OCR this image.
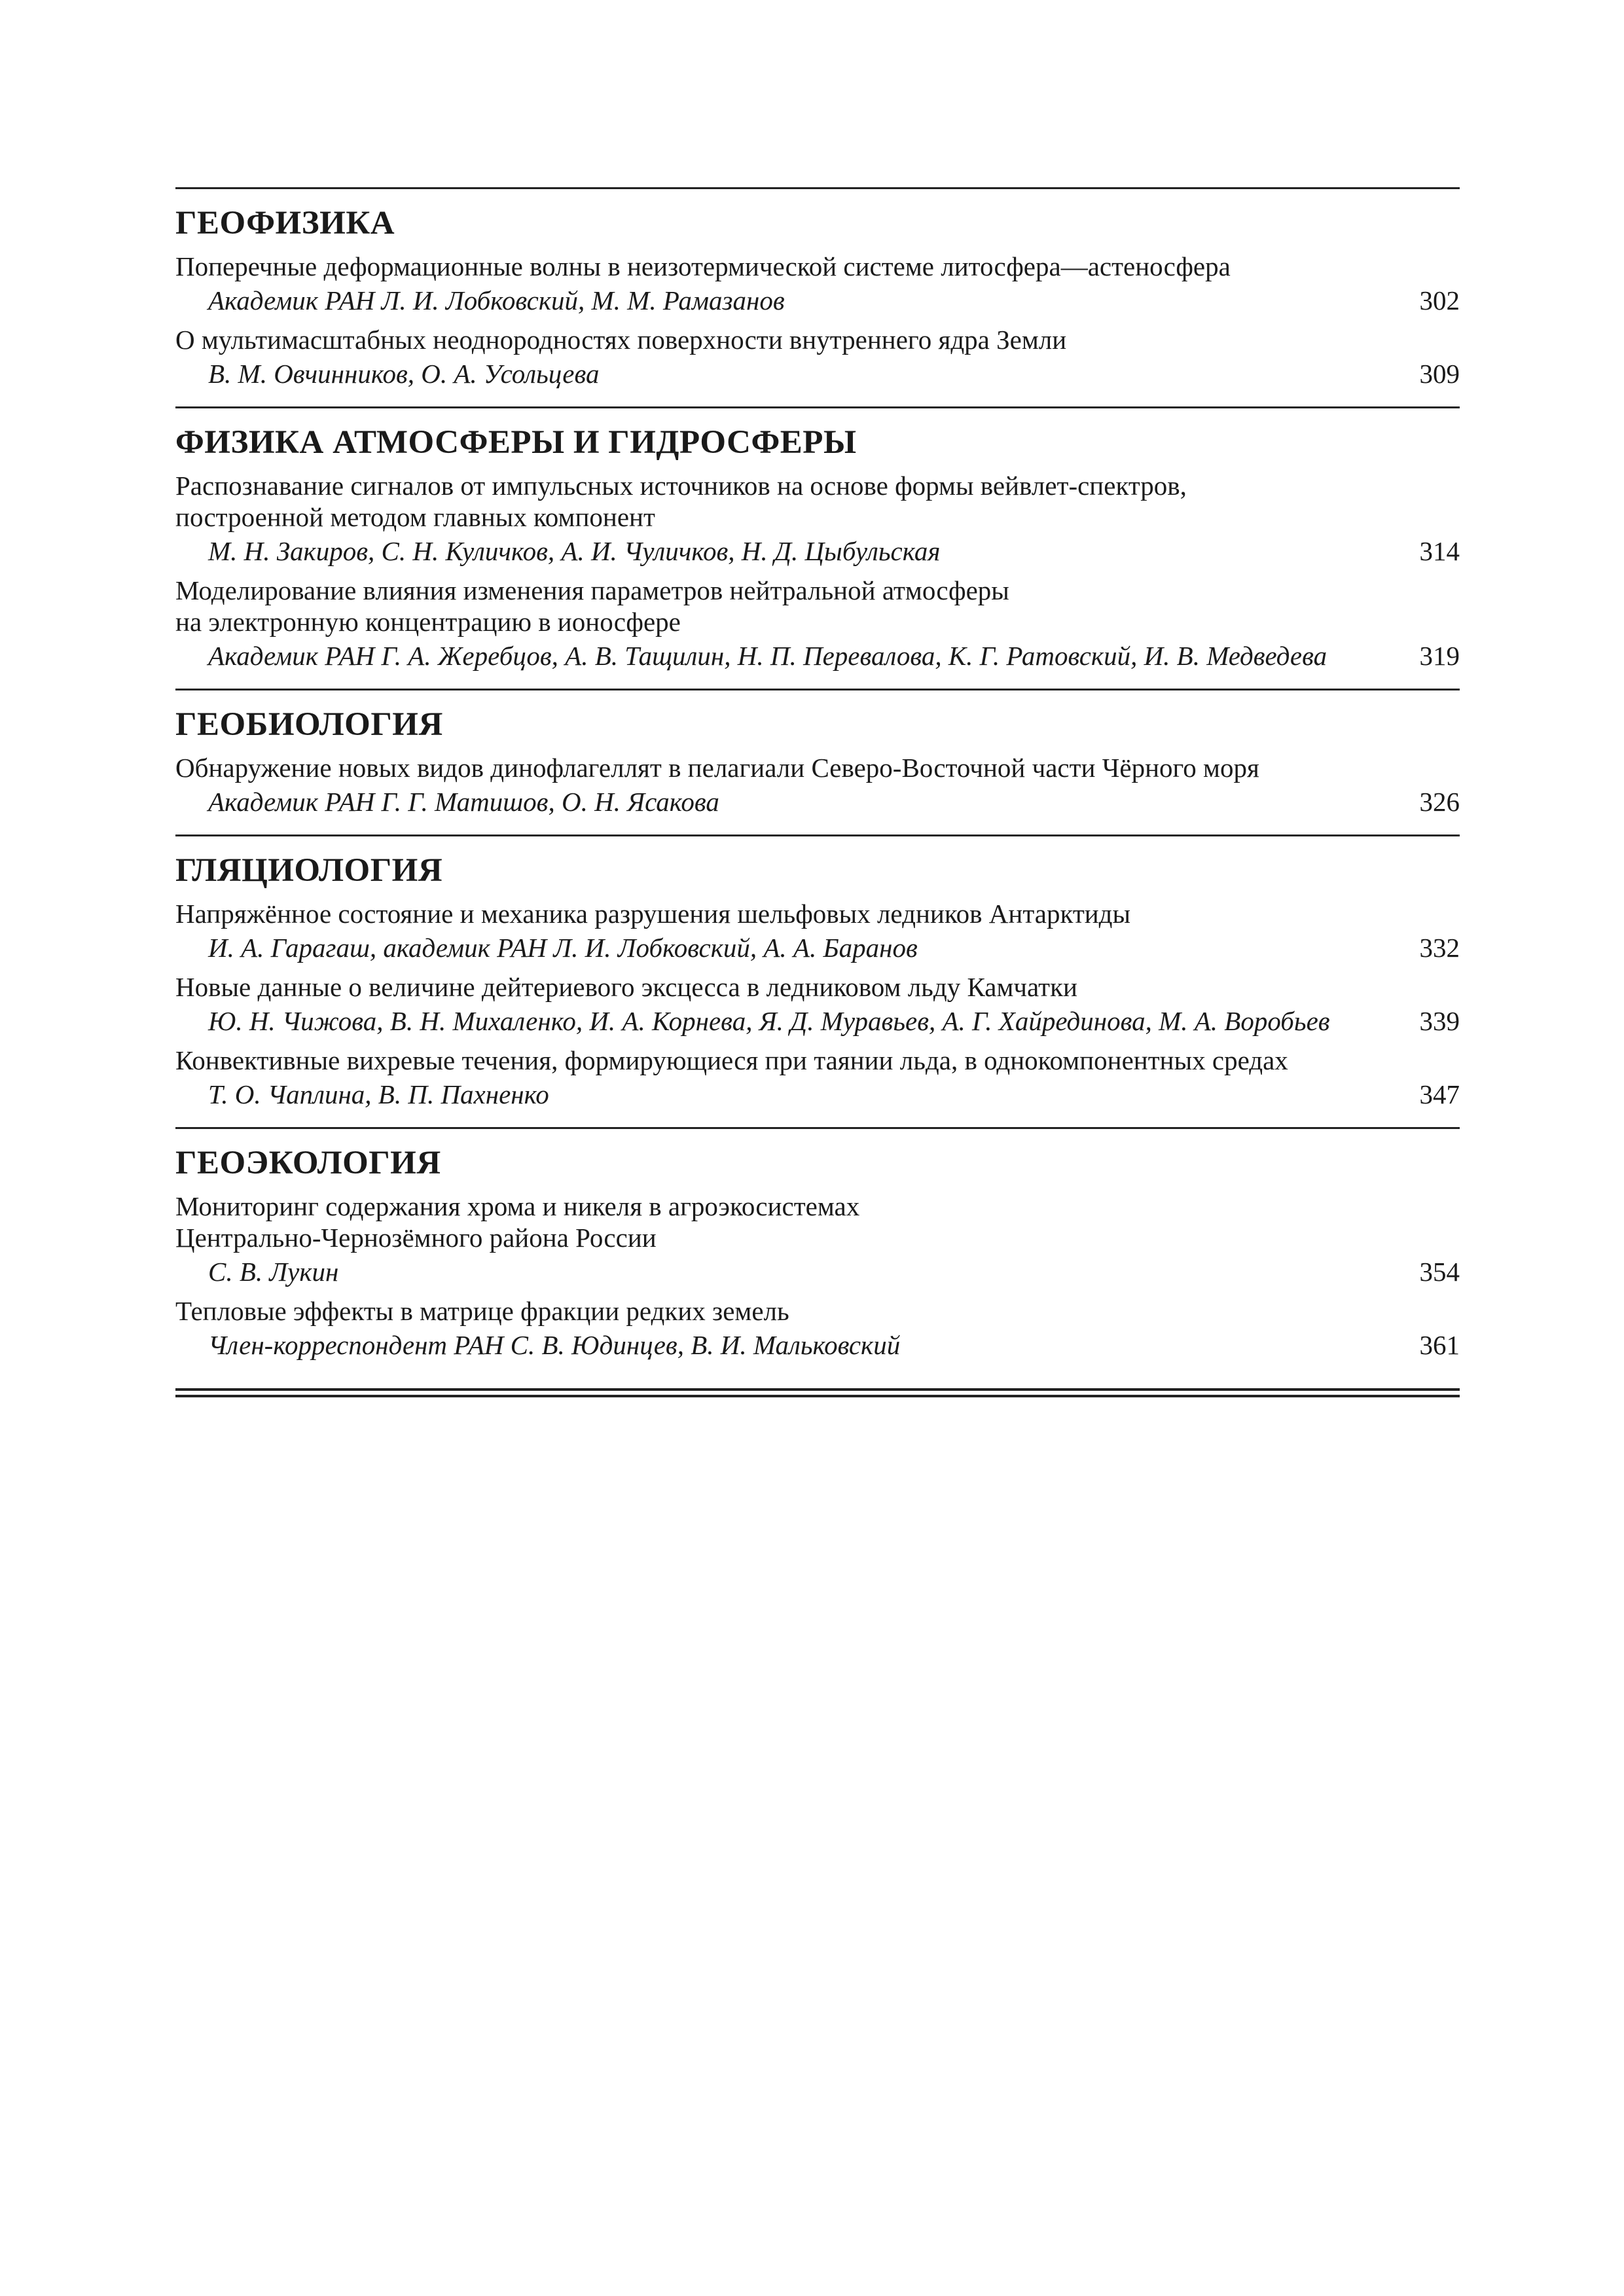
ГЕОФИЗИКА
Поперечные деформационные волны в неизотермической системе литосфера—астеносфера
Академик РАН Л. И. Лобковский, М. М. Рамазанов	302
О мультимасштабных неоднородностях поверхности внутреннего ядра Земли
В. М. Овчинников, О. А. Усольцева	309
ФИЗИКА АТМОСФЕРЫ И ГИДРОСФЕРЫ
Распознавание сигналов от импульсных источников на основе формы вейвлет-спектров,
построенной методом главных компонент
М. Н. Закиров, С. Н. Куличков, А. И. Чуличков, Н. Д. Цыбульская	314
Моделирование влияния изменения параметров нейтральной атмосферы
на электронную концентрацию в ионосфере
Академик РАН Г. А. Жеребцов, А. В. Тащилин, Н. П. Перевалова, К. Г. Ратовский, И. В. Медведева	319
ГЕОБИОЛОГИЯ
Обнаружение новых видов динофлагеллят в пелагиали Северо-Восточной части Чёрного моря
Академик РАН Г. Г. Матишов, О. Н. Ясакова	326
ГЛЯЦИОЛОГИЯ
Напряжённое состояние и механика разрушения шельфовых ледников Антарктиды
И. А. Гарагаш, академик РАН Л. И. Лобковский, А. А. Баранов	332
Новые данные о величине дейтериевого эксцесса в ледниковом льду Камчатки
Ю. Н. Чижова, В. Н. Михаленко, И. А. Корнева, Я. Д. Муравьев, А. Г. Хайрединова, М. А. Воробьев	339
Конвективные вихревые течения, формирующиеся при таянии льда, в однокомпонентных средах
Т. О. Чаплина, В. П. Пахненко	347
ГЕОЭКОЛОГИЯ
Мониторинг содержания хрома и никеля в агроэкосистемах
Центрально-Чернозёмного района России
С. В. Лукин	354
Тепловые эффекты в матрице фракции редких земель
Член-корреспондент РАН С. В. Юдинцев, В. И. Мальковский	361
